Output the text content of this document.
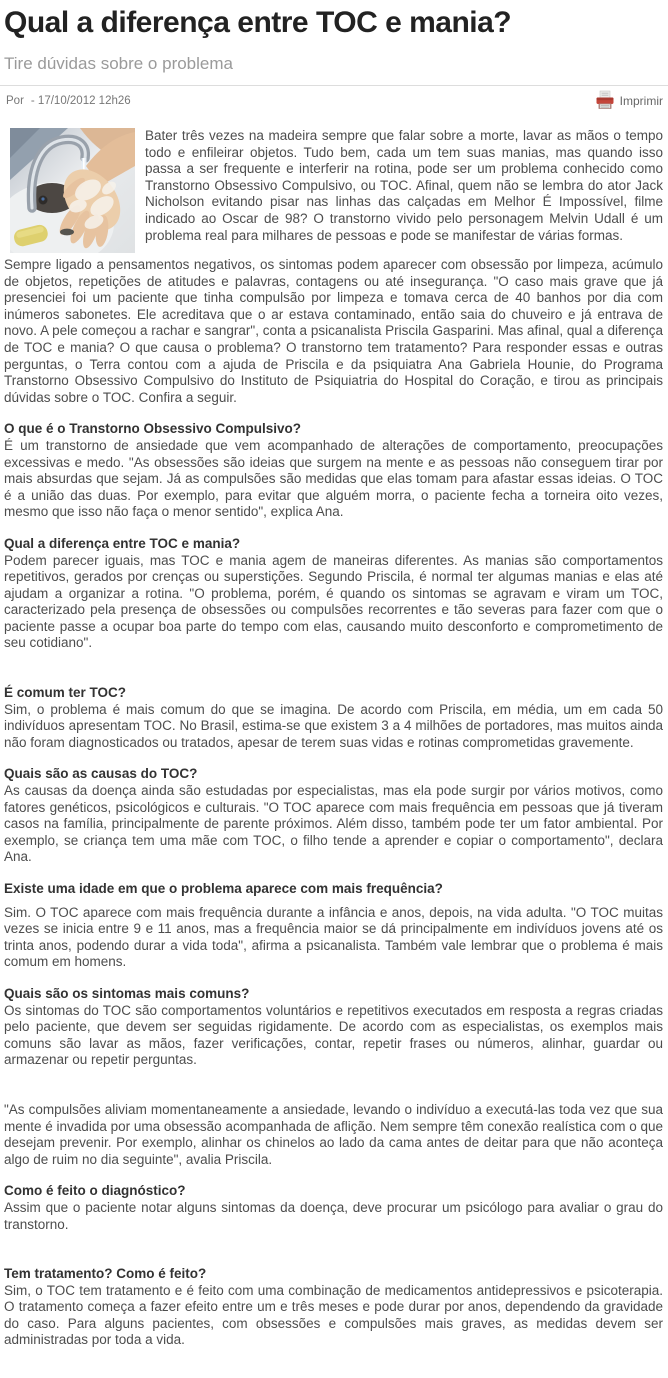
Qual a diferença entre TOC e mania?
Tire dúvidas sobre o problema
Por - 17/10/2012 12h26	Imprimir
Bater três vezes na madeira sempre que falar sobre a morte, lavar as mãos o tempo todo e enfileirar objetos. Tudo bem, cada um tem suas manias, mas quando isso passa a ser frequente e interferir na rotina, pode ser um problema conhecido como Transtorno Obsessivo Compulsivo, ou TOC. Afinal, quem não se lembra do ator Jack Nicholson evitando pisar nas linhas das calçadas em Melhor É Impossível, filme indicado ao Oscar de 98? O transtorno vivido pelo personagem Melvin Udall é um problema real para milhares de pessoas e pode se manifestar de várias formas.

Sempre ligado a pensamentos negativos, os sintomas podem aparecer com obsessão por limpeza, acúmulo de objetos, repetições de atitudes e palavras, contagens ou até insegurança. "O caso mais grave que já presenciei foi um paciente que tinha compulsão por limpeza e tomava cerca de 40 banhos por dia com inúmeros sabonetes. Ele acreditava que o ar estava contaminado, então saia do chuveiro e já entrava de novo. A pele começou a rachar e sangrar", conta a psicanalista Priscila Gasparini. Mas afinal, qual a diferença de TOC e mania? O que causa o problema? O transtorno tem tratamento? Para responder essas e outras perguntas, o Terra contou com a ajuda de Priscila e da psiquiatra Ana Gabriela Hounie, do Programa Transtorno Obsessivo Compulsivo do Instituto de Psiquiatria do Hospital do Coração, e tirou as principais dúvidas sobre o TOC. Confira a seguir.

O que é o Transtorno Obsessivo Compulsivo?

É um transtorno de ansiedade que vem acompanhado de alterações de comportamento, preocupações excessivas e medo. "As obsessões são ideias que surgem na mente e as pessoas não conseguem tirar por mais absurdas que sejam. Já as compulsões são medidas que elas tomam para afastar essas ideias. O TOC é a união das duas. Por exemplo, para evitar que alguém morra, o paciente fecha a torneira oito vezes, mesmo que isso não faça o menor sentido", explica Ana.

Qual a diferença entre TOC e mania?

Podem parecer iguais, mas TOC e mania agem de maneiras diferentes. As manias são comportamentos repetitivos, gerados por crenças ou superstições. Segundo Priscila, é normal ter algumas manias e elas até ajudam a organizar a rotina. "O problema, porém, é quando os sintomas se agravam e viram um TOC, caracterizado pela presença de obsessões ou compulsões recorrentes e tão severas para fazer com que o paciente passe a ocupar boa parte do tempo com elas, causando muito desconforto e comprometimento de seu cotidiano".

É comum ter TOC?

Sim, o problema é mais comum do que se imagina. De acordo com Priscila, em média, um em cada 50 indivíduos apresentam TOC. No Brasil, estima-se que existem 3 a 4 milhões de portadores, mas muitos ainda não foram diagnosticados ou tratados, apesar de terem suas vidas e rotinas comprometidas gravemente.

Quais são as causas do TOC?

As causas da doença ainda são estudadas por especialistas, mas ela pode surgir por vários motivos, como fatores genéticos, psicológicos e culturais. "O TOC aparece com mais frequência em pessoas que já tiveram casos na família, principalmente de parente próximos. Além disso, também pode ter um fator ambiental. Por exemplo, se criança tem uma mãe com TOC, o filho tende a aprender e copiar o comportamento", declara Ana.

Existe uma idade em que o problema aparece com mais frequência?

Sim. O TOC aparece com mais frequência durante a infância e anos, depois, na vida adulta. "O TOC muitas vezes se inicia entre 9 e 11 anos, mas a frequência maior se dá principalmente em indivíduos jovens até os trinta anos, podendo durar a vida toda", afirma a psicanalista. Também vale lembrar que o problema é mais comum em homens.

Quais são os sintomas mais comuns?

Os sintomas do TOC são comportamentos voluntários e repetitivos executados em resposta a regras criadas pelo paciente, que devem ser seguidas rigidamente. De acordo com as especialistas, os exemplos mais comuns são lavar as mãos, fazer verificações, contar, repetir frases ou números, alinhar, guardar ou armazenar ou repetir perguntas.

"As compulsões aliviam momentaneamente a ansiedade, levando o indivíduo a executá-las toda vez que sua mente é invadida por uma obsessão acompanhada de aflição. Nem sempre têm conexão realística com o que desejam prevenir. Por exemplo, alinhar os chinelos ao lado da cama antes de deitar para que não aconteça algo de ruim no dia seguinte", avalia Priscila.

Como é feito o diagnóstico?

Assim que o paciente notar alguns sintomas da doença, deve procurar um psicólogo para avaliar o grau do transtorno.

Tem tratamento? Como é feito?

Sim, o TOC tem tratamento e é feito com uma combinação de medicamentos antidepressivos e psicoterapia. O tratamento começa a fazer efeito entre um e três meses e pode durar por anos, dependendo da gravidade do caso. Para alguns pacientes, com obsessões e compulsões mais graves, as medidas devem ser administradas por toda a vida.
